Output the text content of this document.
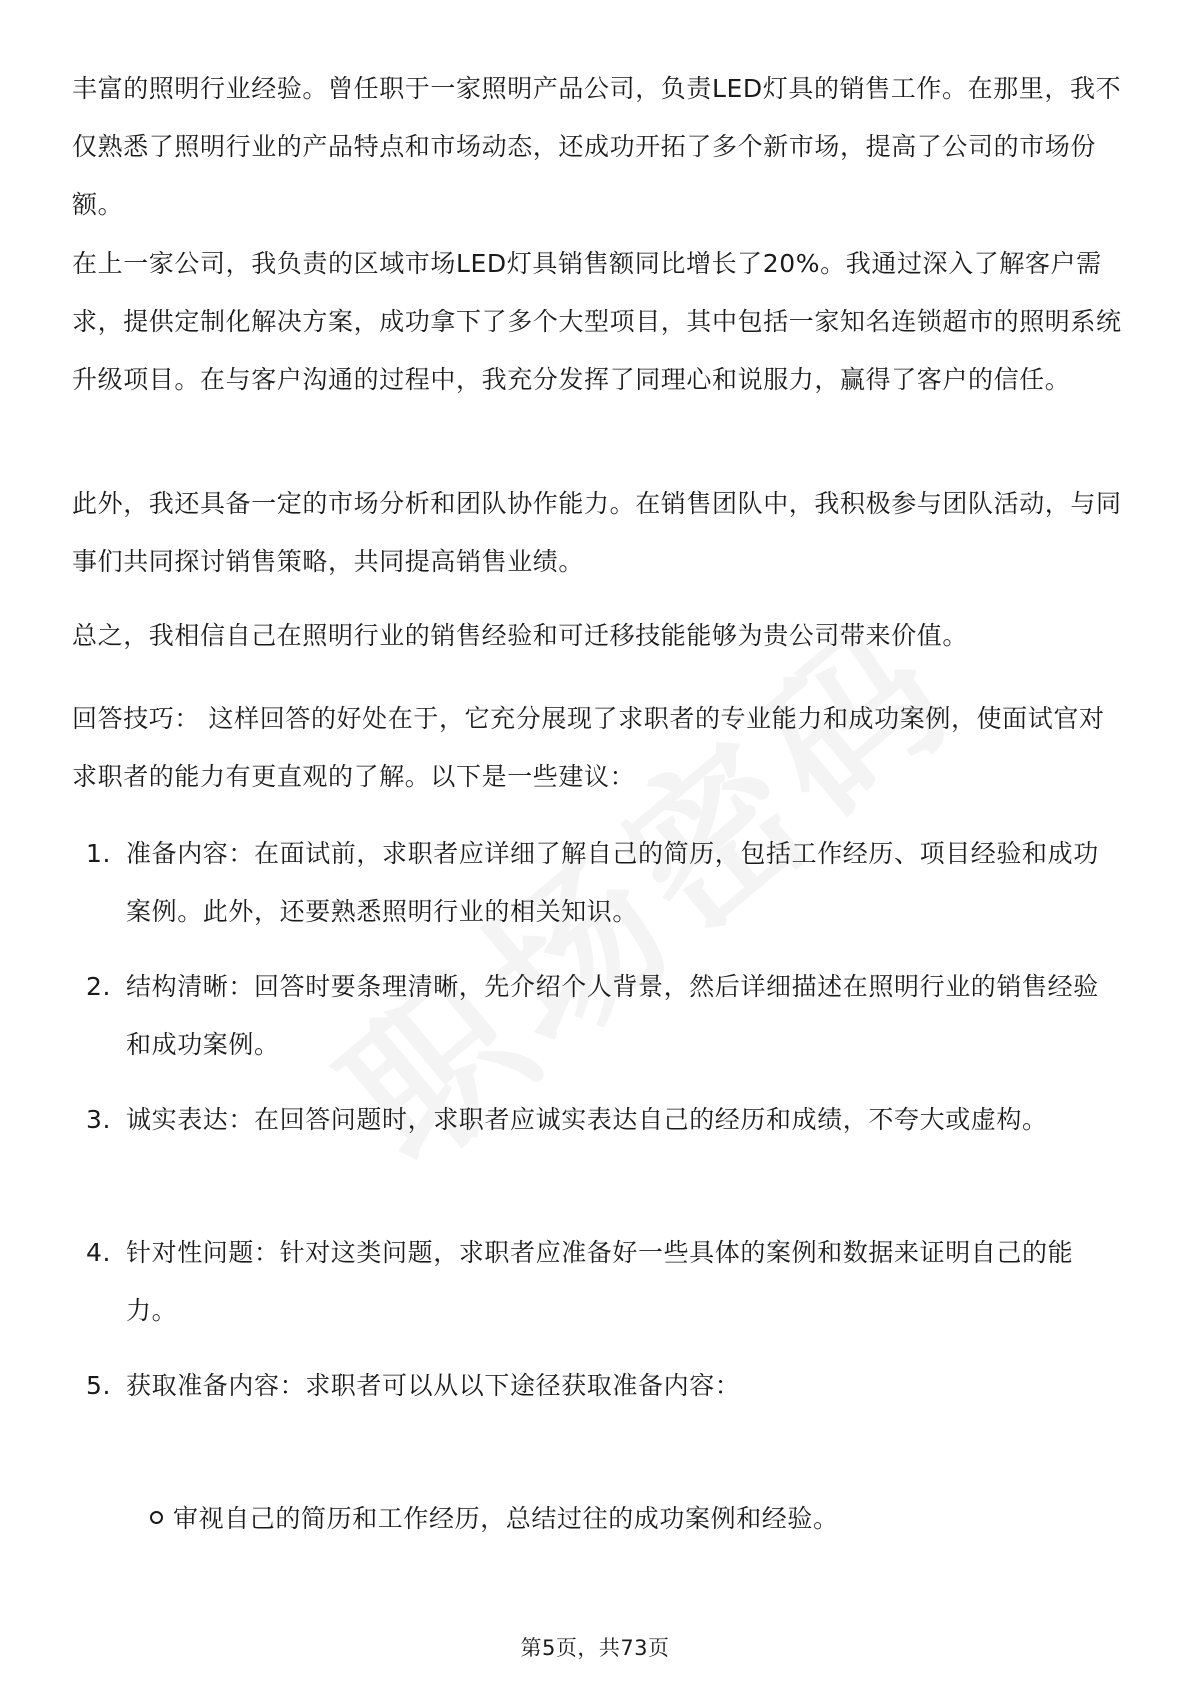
丰富的照明行业经验。曾任职于一家照明产品公司，负责LED灯具的销售工作。在那里，我不仅熟悉了照明行业的产品特点和市场动态，还成功开拓了多个新市场，提高了公司的市场份额。

在上一家公司，我负责的区域市场LED灯具销售额同比增长了20%。我通过深入了解客户需求，提供定制化解决方案，成功拿下了多个大型项目，其中包括一家知名连锁超市的照明系统升级项目。在与客户沟通的过程中，我充分发挥了同理心和说服力，赢得了客户的信任。

此外，我还具备一定的市场分析和团队协作能力。在销售团队中，我积极参与团队活动，与同事们共同探讨销售策略，共同提高销售业绩。

总之，我相信自己在照明行业的销售经验和可迁移技能能够为贵公司带来价值。

回答技巧： 这样回答的好处在于，它充分展现了求职者的专业能力和成功案例，使面试官对求职者的能力有更直观的了解。以下是一些建议：

1. 准备内容：在面试前，求职者应详细了解自己的简历，包括工作经历、项目经验和成功案例。此外，还要熟悉照明行业的相关知识。
2. 结构清晰：回答时要条理清晰，先介绍个人背景，然后详细描述在照明行业的销售经验和成功案例。
3. 诚实表达：在回答问题时，求职者应诚实表达自己的经历和成绩，不夸大或虚构。
4. 针对性问题：针对这类问题，求职者应准备好一些具体的案例和数据来证明自己的能力。
5. 获取准备内容：求职者可以从以下途径获取准备内容：
审视自己的简历和工作经历，总结过往的成功案例和经验。
第5页，共73页
